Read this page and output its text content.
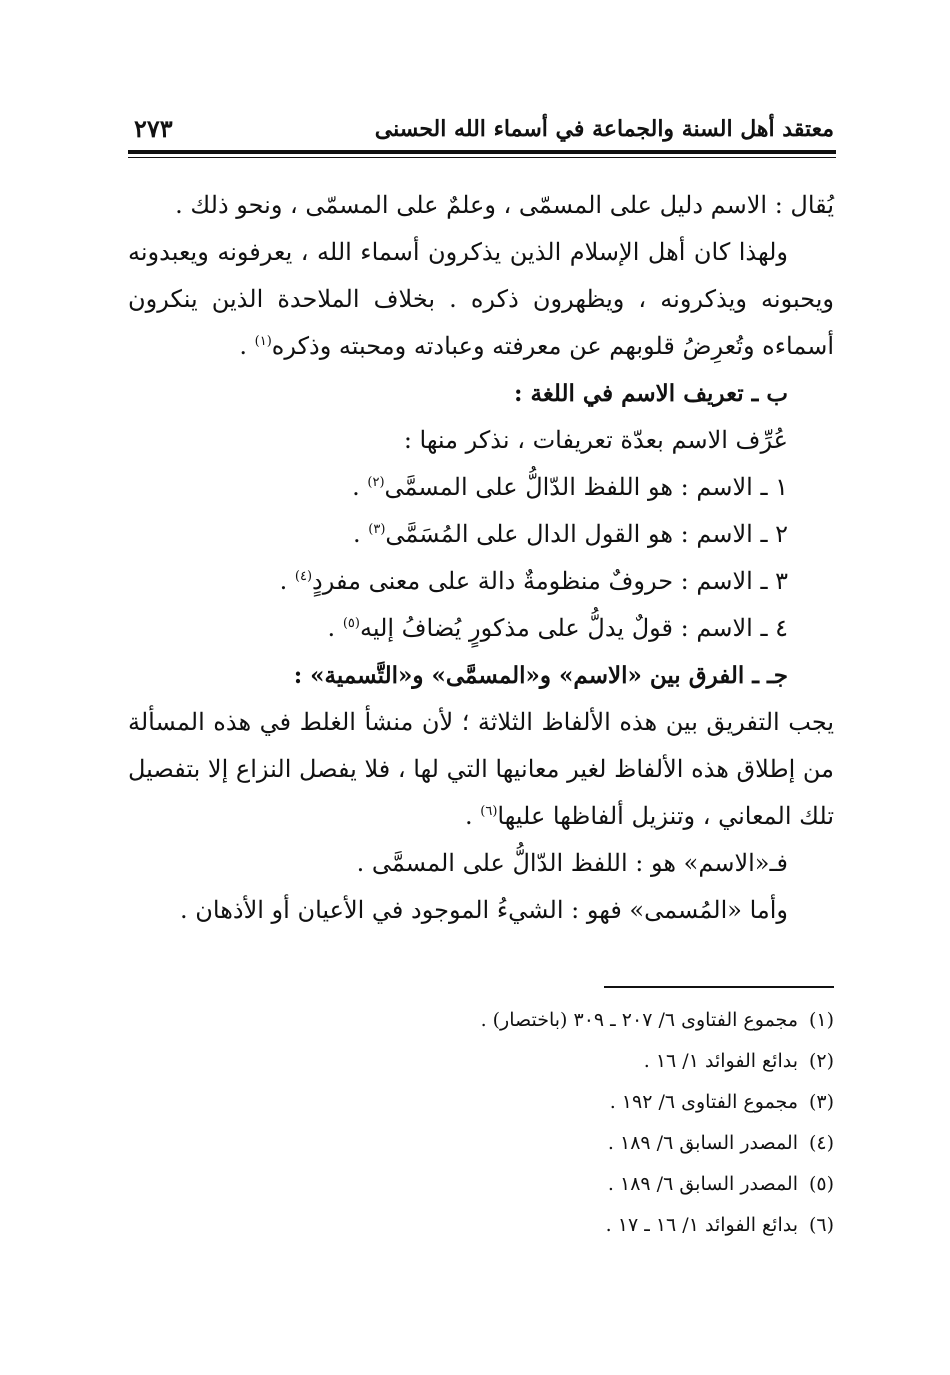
معتقد أهل السنة والجماعة في أسماء الله الحسنى
٢٧٣

يُقال : الاسم دليل على المسمّى ، وعلمٌ على المسمّى ، ونحو ذلك .

ولهذا كان أهل الإسلام الذين يذكرون أسماء الله ، يعرفونه ويعبدونه ويحبونه ويذكرونه ، ويظهرون ذكره . بخلاف الملاحدة الذين ينكرون أسماءه وتُعرِضُ قلوبهم عن معرفته وعبادته ومحبته وذكره$^{(١)}$ .

ب ـ تعريف الاسم في اللغة :

عُرِّف الاسم بعدّة تعريفات ، نذكر منها :

١ ـ الاسم : هو اللفظ الدّالُّ على المسمَّى$^{(٢)}$ .

٢ ـ الاسم : هو القول الدال على المُسَمَّى$^{(٣)}$ .

٣ ـ الاسم : حروفٌ منظومةٌ دالة على معنى مفردٍ$^{(٤)}$ .

٤ ـ الاسم : قولٌ يدلُّ على مذكورٍ يُضافُ إليه$^{(٥)}$ .

جـ ـ الفرق بين «الاسم» و«المسمَّى» و«التَّسمية» :

يجب التفريق بين هذه الألفاظ الثلاثة ؛ لأن منشأ الغلط في هذه المسألة من إطلاق هذه الألفاظ لغير معانيها التي لها ، فلا يفصل النزاع إلا بتفصيل تلك المعاني ، وتنزيل ألفاظها عليها$^{(٦)}$ .

فـ«الاسم» هو : اللفظ الدّالُّ على المسمَّى .

وأما «المُسمى» فهو : الشيءُ الموجود في الأعيان أو الأذهان .

(١)
مجموع الفتاوى ٦/ ٢٠٧ ـ ٣٠٩ (باختصار) .
(٢)
بدائع الفوائد ١/ ١٦ .
(٣)
مجموع الفتاوى ٦/ ١٩٢ .
(٤)
المصدر السابق ٦/ ١٨٩ .
(٥)
المصدر السابق ٦/ ١٨٩ .
(٦)
بدائع الفوائد ١/ ١٦ ـ ١٧ .
